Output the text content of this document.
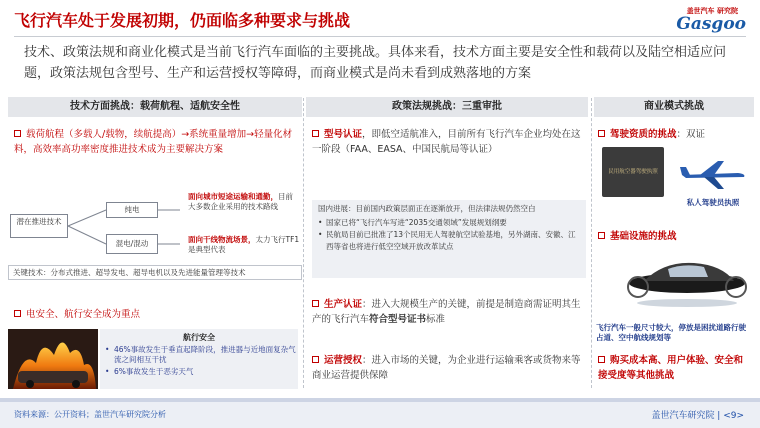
飞行汽车处于发展初期，仍面临多种要求与挑战	盖世汽车 研究院
Gasgoo
技术、政策法规和商业化模式是当前飞行汽车面临的主要挑战。具体来看，技术方面主要是安全性和载荷以及陆空相适应问题，政策法规包含型号、生产和运营授权等障碍，而商业模式是尚未看到成熟落地的方案
技术方面挑战：载荷航程、适航安全性
载荷航程（多载人/载物，续航提高）→系统重量增加→轻量化材料，高效率高功率密度推进技术成为主要解决方案
潜在推进技术
纯电
混电/混动
面向城市短途运输和通勤，目前大多数企业采用的技术路线
面向干线物流场景，太力飞行TF1是典型代表
关键技术：分布式推进、超导发电、超导电机以及先进能量管理等技术
电安全、航行安全成为重点
航行安全
• 46%事故发生于垂直起降阶段，推进器与近地面复杂气流之间相互干扰
• 6%事故发生于恶劣天气
政策法规挑战：三重审批
型号认证，即低空适航准入，目前所有飞行汽车企业均处在这一阶段（FAA、EASA、中国民航局等认证）
国内进展：目前国内政策层面正在逐渐放开，但法律法规仍然空白
• 国家已将“飞行汽车写进“2035交通领域”发展规划纲要
• 民航局目前已批准了13个民用无人驾驶航空试验基地，另外湖南、安徽、江西等省也将进行低空空域开放改革试点
生产认证：进入大规模生产的关键，前提是制造商需证明其生产的飞行汽车符合型号证书标准
运营授权：进入市场的关键，为企业进行运输乘客或货物来等商业运营提供保障
商业模式挑战
驾驶资质的挑战：双证
民用航空器驾驶执照
私人驾驶员执照
基础设施的挑战
飞行汽车一般尺寸较大，停放是困扰道路行驶占道、空中航线规划等
购买成本高、用户体验、安全和接受度等其他挑战
资料来源：公开资料；盖世汽车研究院分析	盖世汽车研究院 | <9>
